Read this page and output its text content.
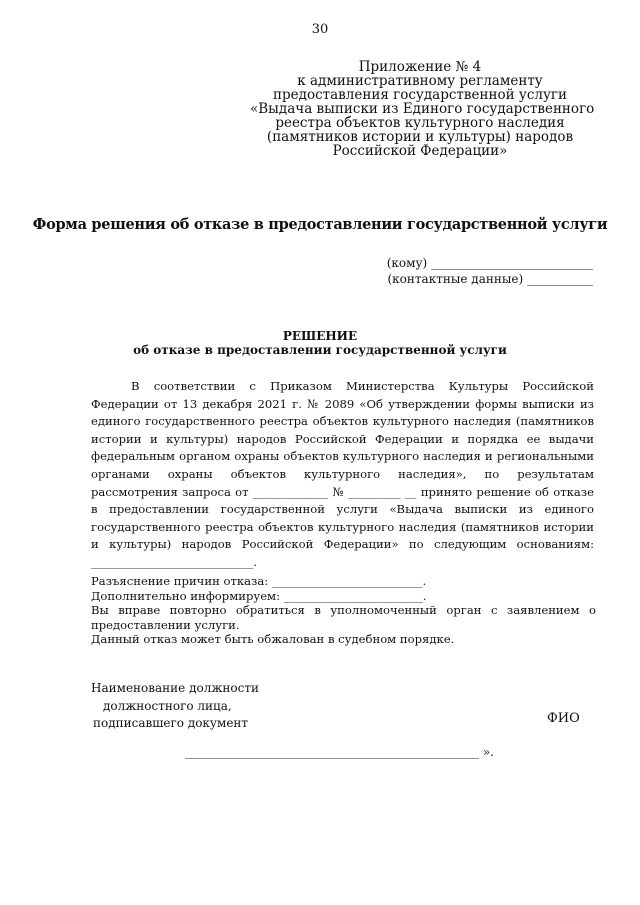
30
Приложение № 4
к административному регламенту
предоставления государственной услуги
«Выдача выписки из Единого государственного
реестра объектов культурного наследия
(памятников истории и культуры) народов
Российской Федерации»
Форма решения об отказе в предоставлении государственной услуги
(кому) ___________________________
(контактные данные) ___________
РЕШЕНИЕ
об отказе в предоставлении государственной услуги

В соответствии с Приказом Министерства Культуры Российской Федерации от 13 декабря 2021 г. № 2089 «Об утверждении формы выписки из единого государственного реестра объектов культурного наследия (памятников истории и культуры) народов Российской Федерации и порядка ее выдачи федеральным органом охраны объектов культурного наследия и региональными органами охраны объектов культурного наследия», по результатам рассмотрения запроса от _____________ № _________ __ принято решение об отказе в предоставлении государственной услуги «Выдача выписки из единого государственного реестра объектов культурного наследия (памятников истории и культуры) народов Российской Федерации» по следующим основаниям: ____________________________.

Разъяснение причин отказа: __________________________.
Дополнительно информируем: ________________________.
Вы вправе повторно обратиться в уполномоченный орган с заявлением о предоставлении услуги.
Данный отказ может быть обжалован в судебном порядке.
Наименование должности
должностного лица,
подписавшего документ	ФИО
_________________________________________________ ».
